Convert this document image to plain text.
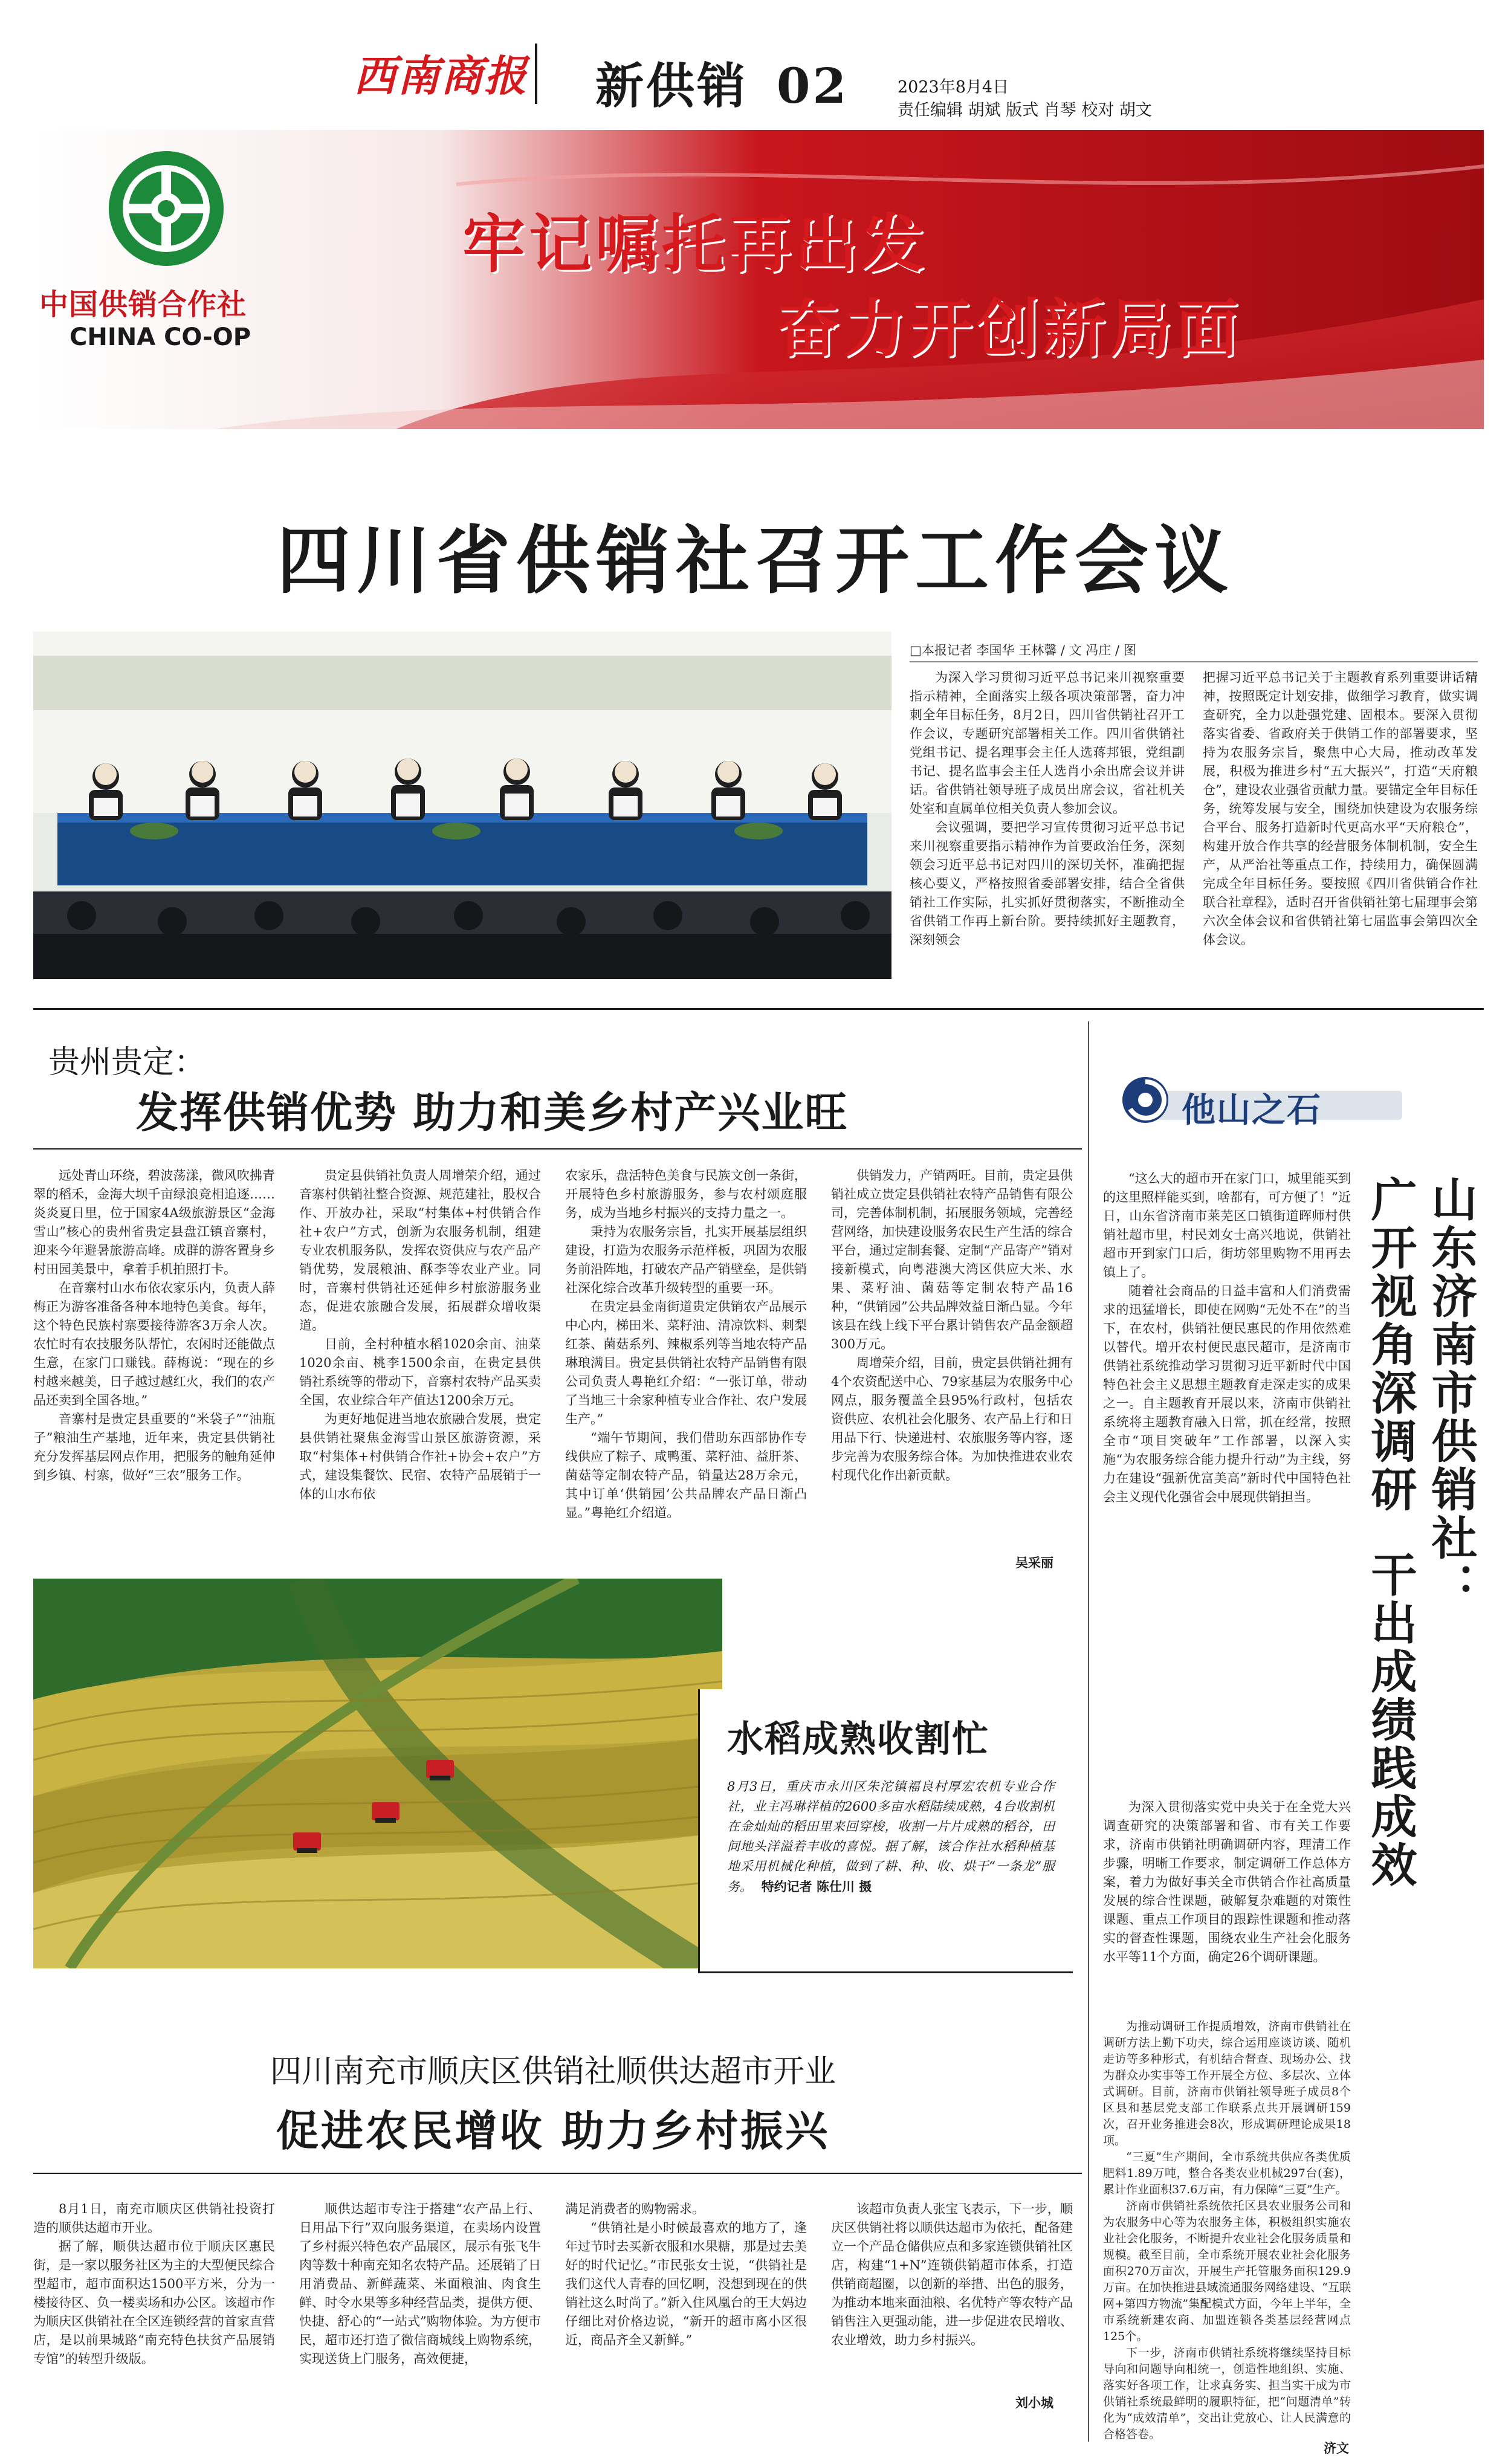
西南商报 新供销 02	2023年8月4日
责任编辑 胡斌 版式 肖琴 校对 胡文
中国供销合作社
CHINA CO-OP
牢记嘱托再出发
奋力开创新局面
四川省供销社召开工作会议
□本报记者 李国华 王林馨 / 文 冯庄 / 图

为深入学习贯彻习近平总书记来川视察重要指示精神，全面落实上级各项决策部署，奋力冲刺全年目标任务，8月2日，四川省供销社召开工作会议，专题研究部署相关工作。四川省供销社党组书记、提名理事会主任人选蒋邦银，党组副书记、提名监事会主任人选肖小余出席会议并讲话。省供销社领导班子成员出席会议，省社机关处室和直属单位相关负责人参加会议。

会议强调，要把学习宣传贯彻习近平总书记来川视察重要指示精神作为首要政治任务，深刻领会习近平总书记对四川的深切关怀，准确把握核心要义，严格按照省委部署安排，结合全省供销社工作实际，扎实抓好贯彻落实，不断推动全省供销工作再上新台阶。要持续抓好主题教育，深刻领会

把握习近平总书记关于主题教育系列重要讲话精神，按照既定计划安排，做细学习教育，做实调查研究，全力以赴强党建、固根本。要深入贯彻落实省委、省政府关于供销工作的部署要求，坚持为农服务宗旨，聚焦中心大局，推动改革发展，积极为推进乡村“五大振兴”，打造“天府粮仓”，建设农业强省贡献力量。要锚定全年目标任务，统筹发展与安全，围绕加快建设为农服务综合平台、服务打造新时代更高水平“天府粮仓”，构建开放合作共享的经营服务体制机制，安全生产，从严治社等重点工作，持续用力，确保圆满完成全年目标任务。要按照《四川省供销合作社联合社章程》，适时召开省供销社第七届理事会第六次全体会议和省供销社第七届监事会第四次全体会议。

贵州贵定：
发挥供销优势 助力和美乡村产兴业旺

远处青山环绕，碧波荡漾，微风吹拂青翠的稻禾，金海大坝千亩绿浪竞相追逐……炎炎夏日里，位于国家4A级旅游景区“金海雪山”核心的贵州省贵定县盘江镇音寨村，迎来今年避暑旅游高峰。成群的游客置身乡村田园美景中，拿着手机拍照打卡。

在音寨村山水布依农家乐内，负责人薛梅正为游客准备各种本地特色美食。每年，这个特色民族村寨要接待游客3万余人次。农忙时有农技服务队帮忙，农闲时还能做点生意，在家门口赚钱。薛梅说：“现在的乡村越来越美，日子越过越红火，我们的农产品还卖到全国各地。”

音寨村是贵定县重要的“米袋子”“油瓶子”粮油生产基地，近年来，贵定县供销社充分发挥基层网点作用，把服务的触角延伸到乡镇、村寨，做好“三农”服务工作。

贵定县供销社负责人周增荣介绍，通过音寨村供销社整合资源、规范建社，股权合作、开放办社，采取“村集体+村供销合作社+农户”方式，创新为农服务机制，组建专业农机服务队，发挥农资供应与农产品产销优势，发展粮油、酥李等农业产业。同时，音寨村供销社还延伸乡村旅游服务业态，促进农旅融合发展，拓展群众增收渠道。

目前，全村种植水稻1020余亩、油菜1020余亩、桃李1500余亩，在贵定县供销社系统等的带动下，音寨村农特产品买卖全国，农业综合年产值达1200余万元。

为更好地促进当地农旅融合发展，贵定县供销社聚焦金海雪山景区旅游资源，采取“村集体+村供销合作社+协会+农户”方式，建设集餐饮、民宿、农特产品展销于一体的山水布依

农家乐，盘活特色美食与民族文创一条街，开展特色乡村旅游服务，参与农村颂庭服务，成为当地乡村振兴的支持力量之一。

秉持为农服务宗旨，扎实开展基层组织建设，打造为农服务示范样板，巩固为农服务前沿阵地，打破农产品产销壁垒，是供销社深化综合改革升级转型的重要一环。

在贵定县金南街道贵定供销农产品展示中心内，梯田米、菜籽油、清凉饮料、刺梨红茶、菌菇系列、辣椒系列等当地农特产品琳琅满目。贵定县供销社农特产品销售有限公司负责人粤艳红介绍：“一张订单，带动了当地三十余家种植专业合作社、农户发展生产。”

“端午节期间，我们借助东西部协作专线供应了粽子、咸鸭蛋、菜籽油、益肝茶、菌菇等定制农特产品，销量达28万余元，其中订单‘供销园’公共品牌农产品日渐凸显。”粤艳红介绍道。

供销发力，产销两旺。目前，贵定县供销社成立贵定县供销社农特产品销售有限公司，完善体制机制，拓展服务领域，完善经营网络，加快建设服务农民生产生活的综合平台，通过定制套餐、定制“产品寄产”销对接新模式，向粤港澳大湾区供应大米、水果、菜籽油、菌菇等定制农特产品16种，“供销园”公共品牌效益日渐凸显。今年该县在线上线下平台累计销售农产品金额超300万元。

周增荣介绍，目前，贵定县供销社拥有4个农资配送中心、79家基层为农服务中心网点，服务覆盖全县95%行政村，包括农资供应、农机社会化服务、农产品上行和日用品下行、快递进村、农旅服务等内容，逐步完善为农服务综合体。为加快推进农业农村现代化作出新贡献。

吴采丽
水稻成熟收割忙
8月3日，重庆市永川区朱沱镇福良村厚宏农机专业合作社，业主冯琳祥植的2600多亩水稻陆续成熟，4台收割机在金灿灿的稻田里来回穿梭，收割一片片成熟的稻谷，田间地头洋溢着丰收的喜悦。据了解，该合作社水稻种植基地采用机械化种植，做到了耕、种、收、烘干“一条龙”服务。 特约记者 陈仕川 摄
他山之石
山东济南市供销社：
广开视角深调研  干出成绩践成效

“这么大的超市开在家门口，城里能买到的这里照样能买到，啥都有，可方便了！”近日，山东省济南市莱芜区口镇街道晖师村供销社超市里，村民刘女士高兴地说，供销社超市开到家门口后，街坊邻里购物不用再去镇上了。

随着社会商品的日益丰富和人们消费需求的迅猛增长，即使在网购“无处不在”的当下，在农村，供销社便民惠民的作用依然难以替代。增开农村便民惠民超市，是济南市供销社系统推动学习贯彻习近平新时代中国特色社会主义思想主题教育走深走实的成果之一。自主题教育开展以来，济南市供销社系统将主题教育融入日常，抓在经常，按照全市“项目突破年”工作部署，以深入实施“为农服务综合能力提升行动”为主线，努力在建设“强新优富美高”新时代中国特色社会主义现代化强省会中展现供销担当。

为深入贯彻落实党中央关于在全党大兴调查研究的决策部署和省、市有关工作要求，济南市供销社明确调研内容，理清工作步骤，明晰工作要求，制定调研工作总体方案，着力为做好事关全市供销合作社高质量发展的综合性课题，破解复杂难题的对策性课题、重点工作项目的跟踪性课题和推动落实的督查性课题，围绕农业生产社会化服务水平等11个方面，确定26个调研课题。

四川南充市顺庆区供销社顺供达超市开业
促进农民增收 助力乡村振兴

8月1日，南充市顺庆区供销社投资打造的顺供达超市开业。

据了解，顺供达超市位于顺庆区惠民街，是一家以服务社区为主的大型便民综合型超市，超市面积达1500平方米，分为一楼接待区、负一楼卖场和办公区。该超市作为顺庆区供销社在全区连锁经营的首家直营店，是以前果城路“南充特色扶贫产品展销专馆”的转型升级版。

顺供达超市专注于搭建“农产品上行、日用品下行”双向服务渠道，在卖场内设置了乡村振兴特色农产品展区，展示有张飞牛肉等数十种南充知名农特产品。还展销了日用消费品、新鲜蔬菜、米面粮油、肉食生鲜、时令水果等多种经营品类，提供方便、快捷、舒心的“一站式”购物体验。为方便市民，超市还打造了微信商城线上购物系统，实现送货上门服务，高效便捷，

满足消费者的购物需求。

“供销社是小时候最喜欢的地方了，逢年过节时去买新衣服和水果糖，那是过去美好的时代记忆。”市民张女士说，“供销社是我们这代人青春的回忆啊，没想到现在的供销社这么时尚了。”新入住风凰台的王大妈边仔细比对价格边说，“新开的超市离小区很近，商品齐全又新鲜。”

该超市负责人张宝飞表示，下一步，顺庆区供销社将以顺供达超市为依托，配备建立一个产品仓储供应点和多家连锁供销社区店，构建“1+N”连锁供销超市体系，打造供销商超圈，以创新的举措、出色的服务，为推动本地来面油粮、名优特产等农特产品销售注入更强动能，进一步促进农民增收、农业增效，助力乡村振兴。

刘小城

为推动调研工作提质增效，济南市供销社在调研方法上勤下功夫，综合运用座谈访谈、随机走访等多种形式，有机结合督查、现场办公、找为群众办实事等工作开展全方位、多层次、立体式调研。目前，济南市供销社领导班子成员8个区县和基层党支部工作联系点共开展调研159次，召开业务推进会8次，形成调研理论成果18项。

“三夏”生产期间，全市系统共供应各类优质肥料1.89万吨，整合各类农业机械297台(套)，累计作业面积37.6万亩，有力保障“三夏”生产。

济南市供销社系统依托区县农业服务公司和为农服务中心等为农服务主体，积极组织实施农业社会化服务，不断提升农业社会化服务质量和规模。截至目前，全市系统开展农业社会化服务面积270万亩次，开展生产托管服务面积129.9万亩。在加快推进县域流通服务网络建设、“互联网+第四方物流”集配模式方面，今年上半年，全市系统新建农商、加盟连锁各类基层经营网点125个。

下一步，济南市供销社系统将继续坚持目标导向和问题导向相统一，创造性地组织、实施、落实好各项工作，让求真务实、担当实干成为市供销社系统最鲜明的履职特征，把“问题清单”转化为“成效清单”，交出让党放心、让人民满意的合格答卷。

济文
